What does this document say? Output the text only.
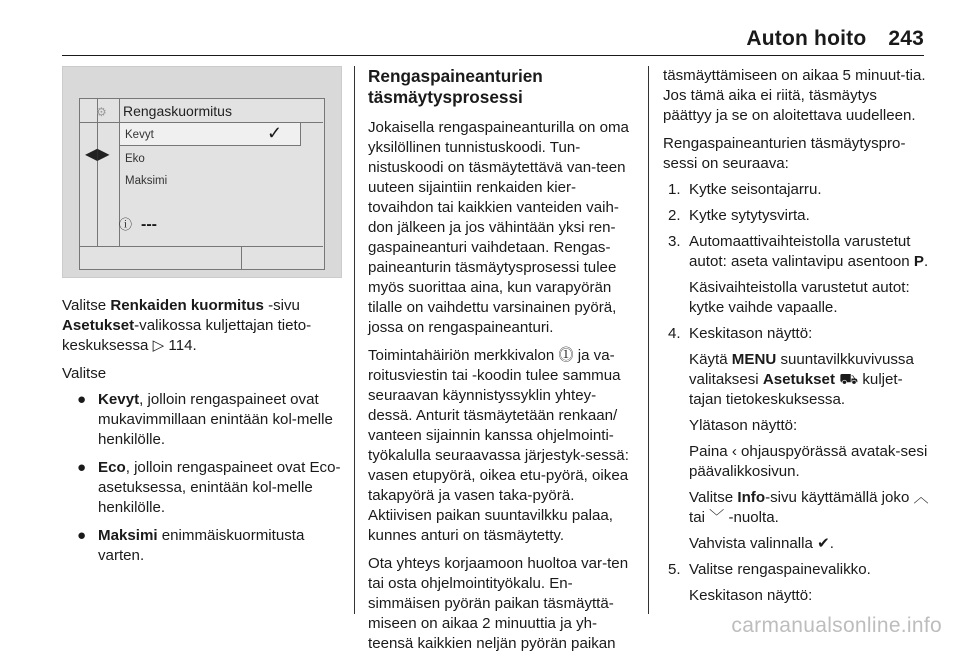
Auton hoito 243
⚙ Rengaskuormitus
Kevyt	✓
Eko
Maksimi
◀▶
ⓘ ---

Valitse Renkaiden kuormitus -sivu Asetukset-valikossa kuljettajan tieto-keskuksessa ▷ 114.

Valitse

● Kevyt, jolloin rengaspaineet ovat mukavimmillaan enintään kol-melle henkilölle.
● Eco, jolloin rengaspaineet ovat Eco-asetuksessa, enintään kol-melle henkilölle.
● Maksimi enimmäiskuormitusta varten.

Rengaspaineanturien täsmäytysprosessi

Jokaisella rengaspaineanturilla on oma yksilöllinen tunnistuskoodi. Tun-nistuskoodi on täsmäytettävä van-teen uuteen sijaintiin renkaiden kier-tovaihdon tai kaikkien vanteiden vaih-don jälkeen ja jos vähintään yksi ren-gaspaineanturi vaihdetaan. Rengas-paineanturin täsmäytysprosessi tulee myös suorittaa aina, kun varapyörän tilalle on vaihdettu varsinainen pyörä, jossa on rengaspaineanturi.

Toimintahäiriön merkkivalon ⓵ ja va-roitusviestin tai -koodin tulee sammua seuraavan käynnistyssyklin yhtey-dessä. Anturit täsmäytetään renkaan/ vanteen sijainnin kanssa ohjelmointi-työkalulla seuraavassa järjestyk-sessä: vasen etupyörä, oikea etu-pyörä, oikea takapyörä ja vasen taka-pyörä. Aktiivisen paikan suuntavilkku palaa, kunnes anturi on täsmäytetty.

Ota yhteys korjaamoon huoltoa var-ten tai osta ohjelmointityökalu. En-simmäisen pyörän paikan täsmäyttä-miseen on aikaa 2 minuuttia ja yh-teensä kaikkien neljän pyörän paikan

täsmäyttämiseen on aikaa 5 minuut-tia. Jos tämä aika ei riitä, täsmäytys päättyy ja se on aloitettava uudelleen.

Rengaspaineanturien täsmäytyspro-sessi on seuraava:

1. Kytke seisontajarru.
2. Kytke sytytysvirta.
3. Automaattivaihteistolla varustetut autot: aseta valintavipu asentoon P.

Käsivaihteistolla varustetut autot: kytke vaihde vapaalle.

4. Keskitason näyttö:

Käytä MENU suuntavilkkuvivussa valitaksesi Asetukset ⛟ kuljet-tajan tietokeskuksessa.

Ylätason näyttö:

Paina ‹ ohjauspyörässä avatak-sesi päävalikkosivun.

Valitse Info-sivu käyttämällä joko ︿ tai ﹀ -nuolta.

Vahvista valinnalla ✔.

5. Valitse rengaspainevalikko.

Keskitason näyttö:

carmanualsonline.info
